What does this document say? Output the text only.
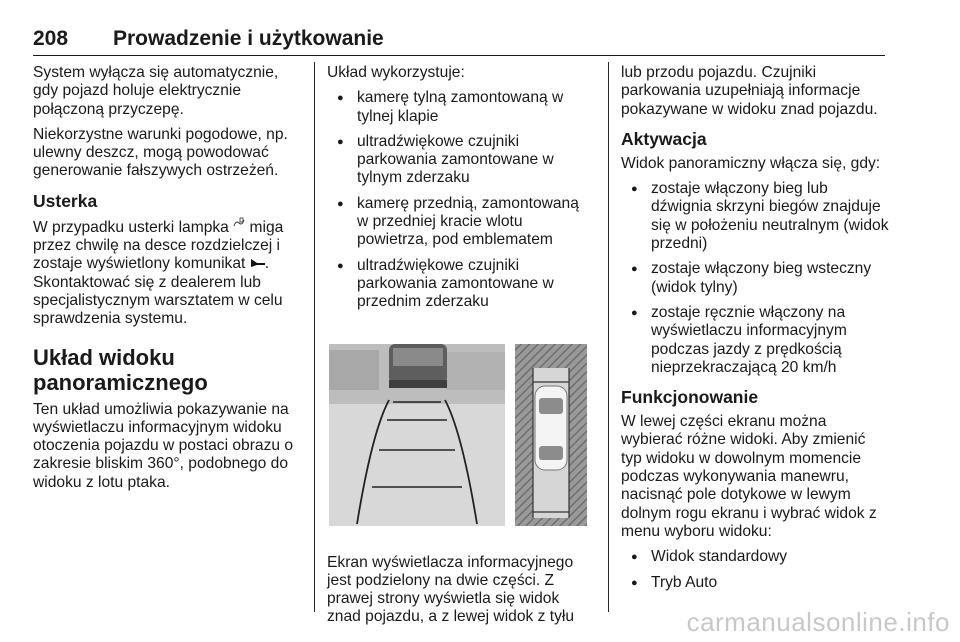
208	Prowadzenie i użytkowanie

System wyłącza się automatycznie, gdy pojazd holuje elektrycznie połączoną przyczepę.

Niekorzystne warunki pogodowe, np. ulewny deszcz, mogą powodować generowanie fałszywych ostrzeżeń.

Usterka

W przypadku usterki lampka miga przez chwilę na desce rozdzielczej i zostaje wyświetlony komunikat . Skontaktować się z dealerem lub specjalistycznym warsztatem w celu sprawdzenia systemu.

Układ widoku
panoramicznego

Ten układ umożliwia pokazywanie na wyświetlaczu informacyjnym widoku otoczenia pojazdu w postaci obrazu o zakresie bliskim 360°, podobnego do widoku z lotu ptaka.

Układ wykorzystuje:

● kamerę tylną zamontowaną w tylnej klapie
● ultradźwiękowe czujniki parkowania zamontowane w tylnym zderzaku
● kamerę przednią, zamontowaną w przedniej kracie wlotu powietrza, pod emblematem
● ultradźwiękowe czujniki parkowania zamontowane w przednim zderzaku

Ekran wyświetlacza informacyjnego jest podzielony na dwie części. Z prawej strony wyświetla się widok znad pojazdu, a z lewej widok z tyłu

lub przodu pojazdu. Czujniki parkowania uzupełniają informacje pokazywane w widoku znad pojazdu.

Aktywacja

Widok panoramiczny włącza się, gdy:

● zostaje włączony bieg lub dźwignia skrzyni biegów znajduje się w położeniu neutralnym (widok przedni)
● zostaje włączony bieg wsteczny (widok tylny)
● zostaje ręcznie włączony na wyświetlaczu informacyjnym podczas jazdy z prędkością nieprzekraczającą 20 km/h
Funkcjonowanie

W lewej części ekranu można wybierać różne widoki. Aby zmienić typ widoku w dowolnym momencie podczas wykonywania manewru, nacisnąć pole dotykowe w lewym dolnym rogu ekranu i wybrać widok z menu wyboru widoku:

● Widok standardowy
● Tryb Auto
carmanualsonline.info
